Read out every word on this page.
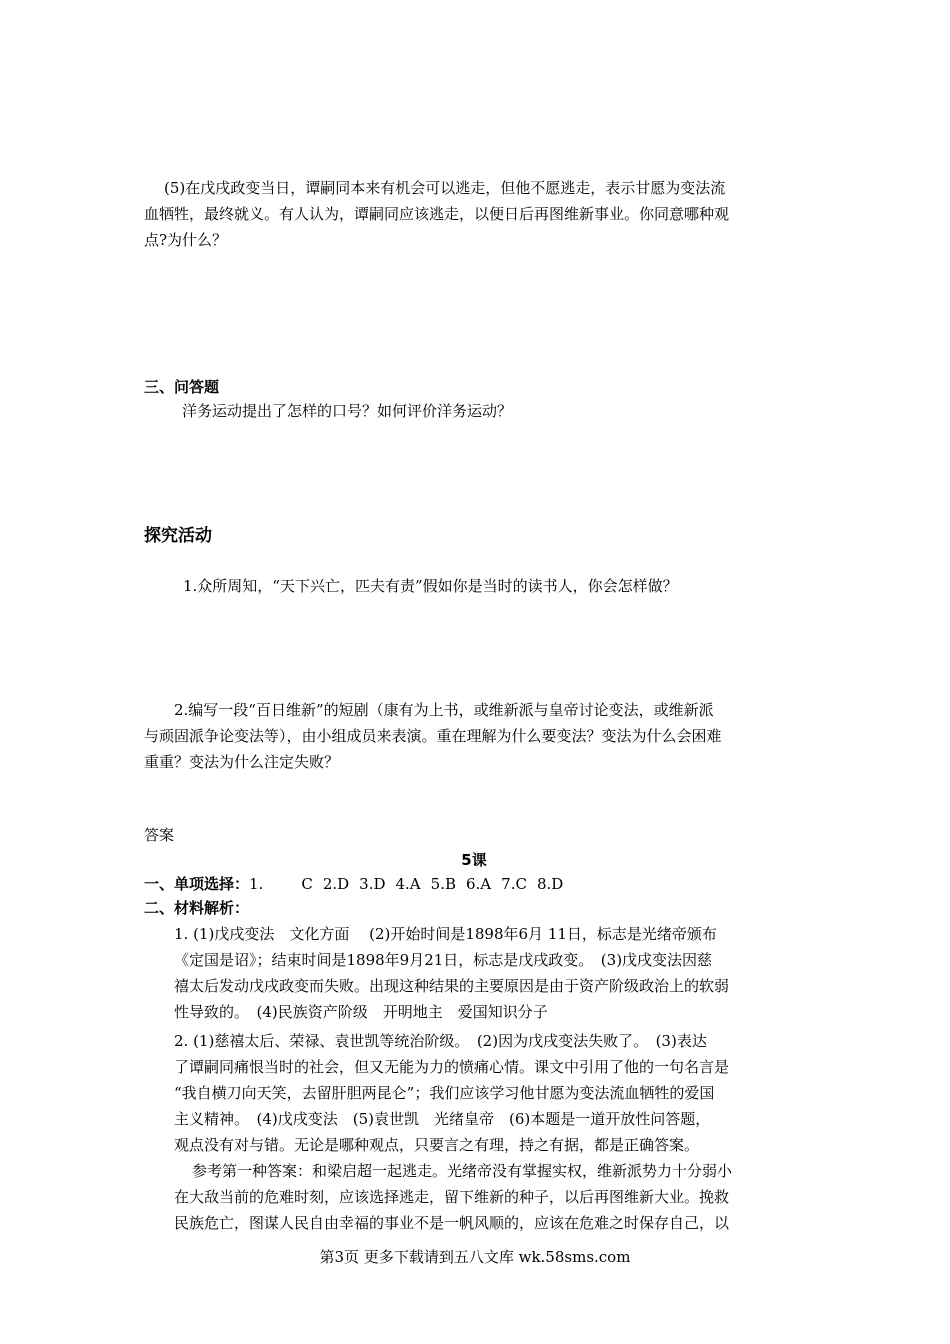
(5)在戊戌政变当日，谭嗣同本来有机会可以逃走，但他不愿逃走，表示甘愿为变法流
血牺牲，最终就义。有人认为，谭嗣同应该逃走，以便日后再图维新事业。你同意哪种观
点?为什么？
三、问答题
洋务运动提出了怎样的口号？如何评价洋务运动？
探究活动
1.众所周知，“天下兴亡，匹夫有责”假如你是当时的读书人，你会怎样做？
2.编写一段“百日维新”的短剧（康有为上书，或维新派与皇帝讨论变法，或维新派
与顽固派争论变法等），由小组成员来表演。重在理解为什么要变法？变法为什么会困难
重重？变法为什么注定失败？
答案
5课
一、单项选择：1.	C 2.D 3.D 4.A 5.B 6.A 7.C 8.D
二、材料解析：
1. (1)戊戌变法　文化方面　 (2)开始时间是1898年6月 11日，标志是光绪帝颁布
《定国是诏》；结束时间是1898年9月21日，标志是戊戌政变。　(3)戊戌变法因慈
禧太后发动戊戌政变而失败。出现这种结果的主要原因是由于资产阶级政治上的软弱
性导致的。　(4)民族资产阶级　开明地主　爱国知识分子
2. (1)慈禧太后、荣禄、袁世凯等统治阶级。　(2)因为戊戌变法失败了。　(3)表达
了谭嗣同痛恨当时的社会，但又无能为力的愤痛心情。课文中引用了他的一句名言是
“我自横刀向天笑，去留肝胆两昆仑”；我们应该学习他甘愿为变法流血牺牲的爱国
主义精神。　(4)戊戌变法　(5)袁世凯　光绪皇帝　(6)本题是一道开放性问答题，
观点没有对与错。无论是哪种观点，只要言之有理，持之有据，都是正确答案。
参考第一种答案：和梁启超一起逃走。光绪帝没有掌握实权，维新派势力十分弱小
在大敌当前的危难时刻，应该选择逃走，留下维新的种子，以后再图维新大业。挽救
民族危亡，图谋人民自由幸福的事业不是一帆风顺的，应该在危难之时保存自己，以
第3页 更多下载请到五八文库 wk.58sms.com
